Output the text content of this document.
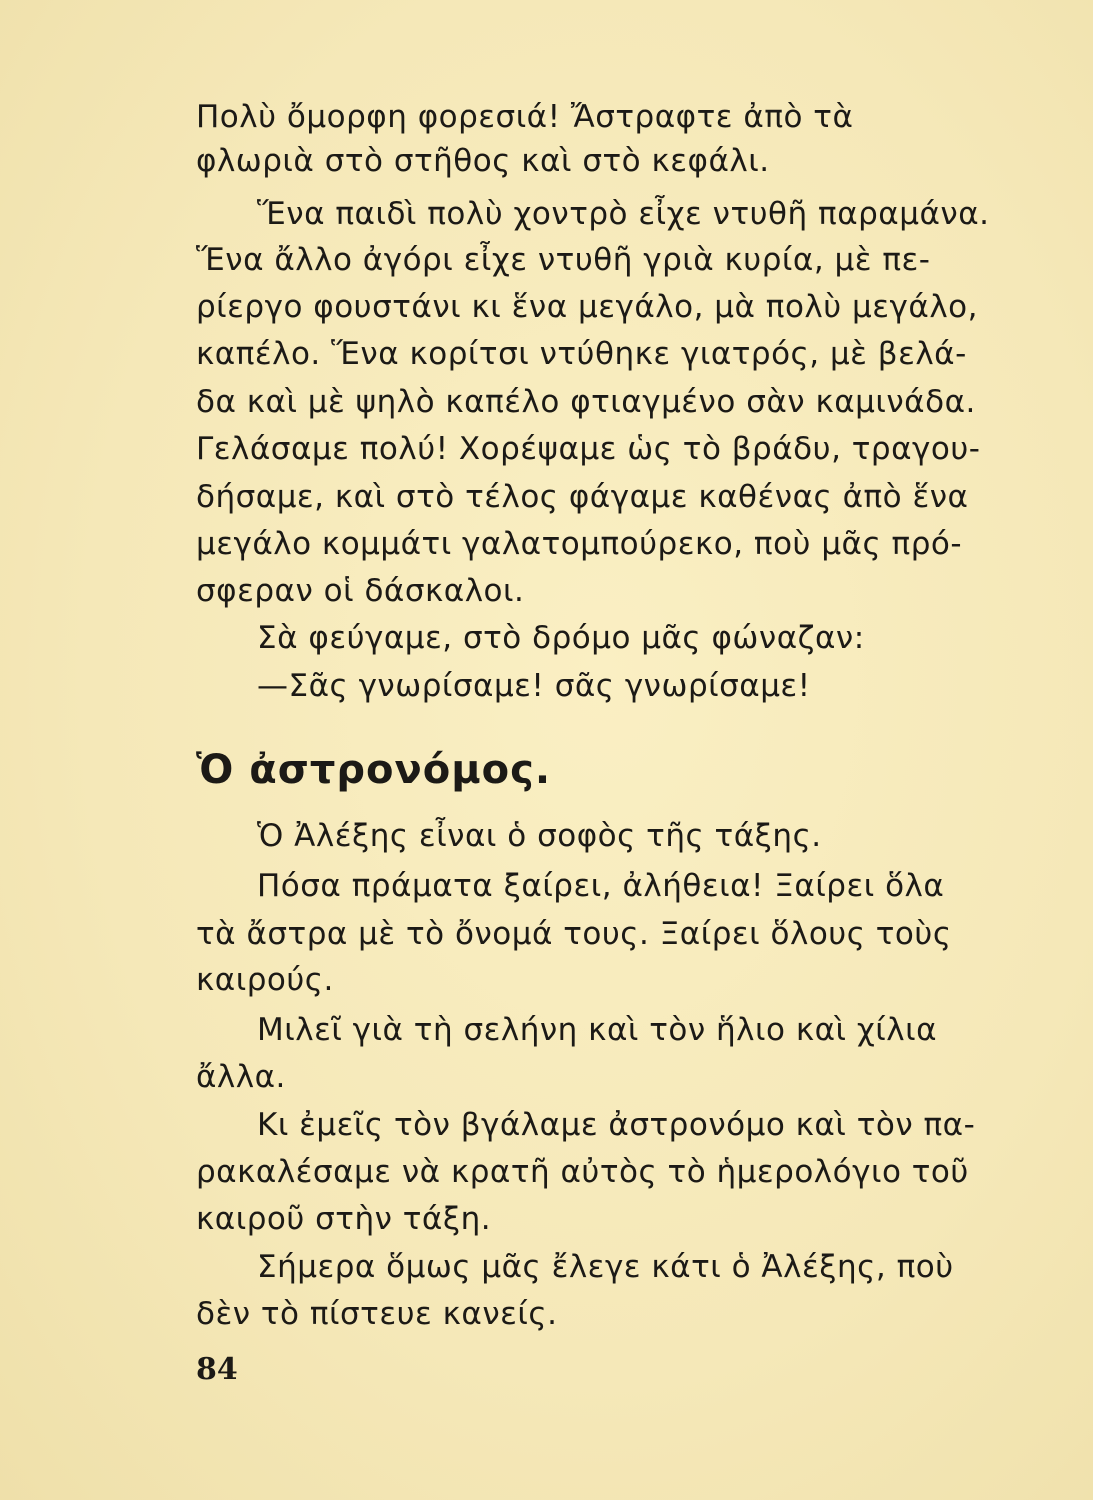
Πολὺ ὄμορφη φορεσιά! Ἄστραφτε ἀπὸ τὰ
φλωριὰ στὸ στῆθος καὶ στὸ κεφάλι.
Ἕνα παιδὶ πολὺ χοντρὸ εἶχε ντυθῆ παραμάνα.
Ἕνα ἄλλο ἀγόρι εἶχε ντυθῆ γριὰ κυρία, μὲ πε-
ρίεργο φουστάνι κι ἕνα μεγάλο, μὰ πολὺ μεγάλο,
καπέλο. Ἕνα κορίτσι ντύθηκε γιατρός, μὲ βελά-
δα καὶ μὲ ψηλὸ καπέλο φτιαγμένο σὰν καμινάδα.
Γελάσαμε πολύ! Χορέψαμε ὡς τὸ βράδυ, τραγου-
δήσαμε, καὶ στὸ τέλος φάγαμε καθένας ἀπὸ ἕνα
μεγάλο κομμάτι γαλατομπούρεκο, ποὺ μᾶς πρό-
σφεραν οἱ δάσκαλοι.
Σὰ φεύγαμε, στὸ δρόμο μᾶς φώναζαν:
—Σᾶς γνωρίσαμε! σᾶς γνωρίσαμε!
Ὁ ἀστρονόμος.
Ὁ Ἀλέξης εἶναι ὁ σοφὸς τῆς τάξης.
Πόσα πράματα ξαίρει, ἀλήθεια! Ξαίρει ὅλα
τὰ ἄστρα μὲ τὸ ὄνομά τους. Ξαίρει ὅλους τοὺς
καιρούς.
Μιλεῖ γιὰ τὴ σελήνη καὶ τὸν ἥλιο καὶ χίλια
ἄλλα.
Κι ἐμεῖς τὸν βγάλαμε ἀστρονόμο καὶ τὸν πα-
ρακαλέσαμε νὰ κρατῆ αὐτὸς τὸ ἡμερολόγιο τοῦ
καιροῦ στὴν τάξη.
Σήμερα ὅμως μᾶς ἔλεγε κάτι ὁ Ἀλέξης, ποὺ
δὲν τὸ πίστευε κανείς.
84
